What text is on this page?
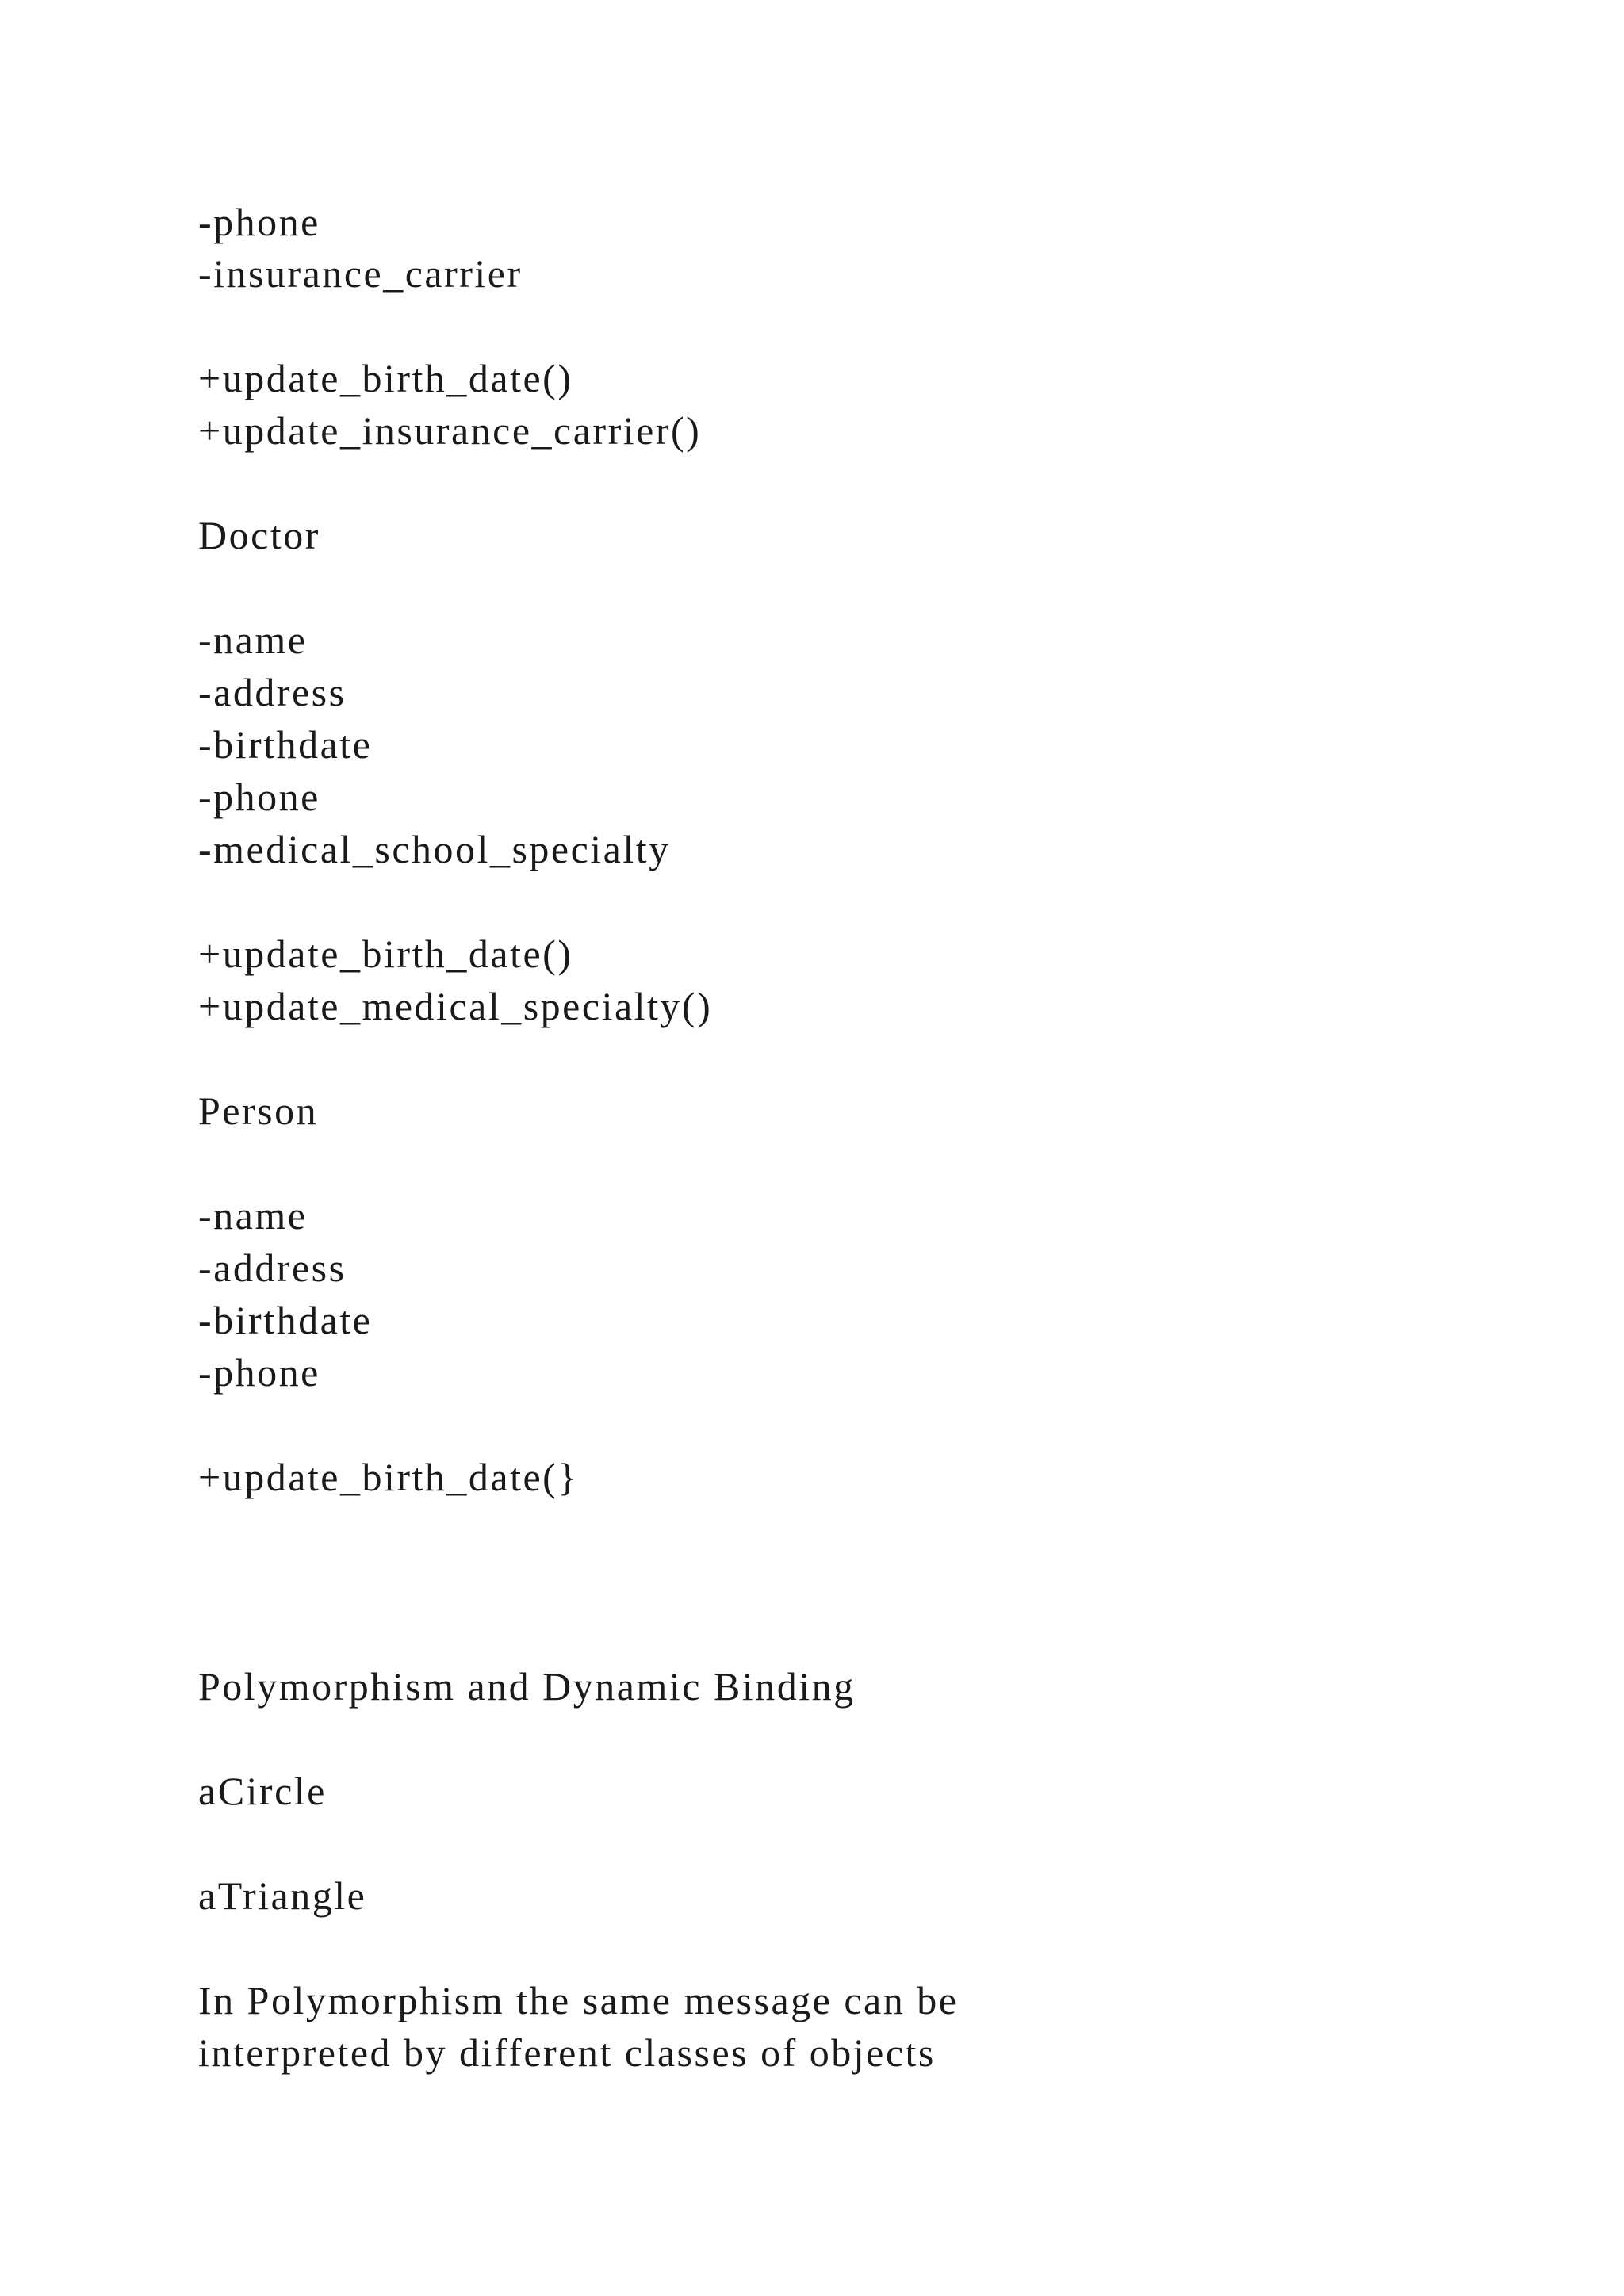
-phone

-insurance_carrier

+update_birth_date()

+update_insurance_carrier()

Doctor

-name

-address

-birthdate

-phone

-medical_school_specialty

+update_birth_date()

+update_medical_specialty()

Person

-name

-address

-birthdate

-phone

+update_birth_date(}

Polymorphism and Dynamic Binding

aCircle

aTriangle

In Polymorphism the same message can be

interpreted by different classes of objects
